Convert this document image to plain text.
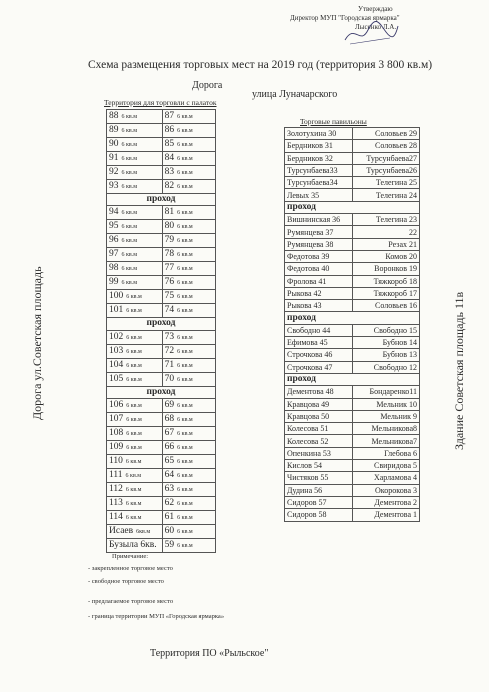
Утверждаю
Директор МУП "Городская ярмарка"
Лысенко Л.А.
Схема размещения торговых мест на 2019 год (территория 3 800 кв.м)
Дорога
улица Луначарского
Территория для торговли с палаток
Торговые павильоны
Дорога ул.Советская площадь	Здание Советская площадь 11в
88 6 кв.м	87 6 кв.м
89 6 кв.м	86 6 кв.м
90 6 кв.м	85 6 кв.м
91 6 кв.м	84 6 кв.м
92 6 кв.м	83 6 кв.м
93 6 кв.м	82 6 кв.м
проход	
94 6 кв.м	81 6 кв.м
95 6 кв.м	80 6 кв.м
96 6 кв.м	79 6 кв.м
97 6 кв.м	78 6 кв.м
98 6 кв.м	77 6 кв.м
99 6 кв.м	76 6 кв.м
100 6 кв.м	75 6 кв.м
101 6 кв.м	74 6 кв.м
проход	
102 6 кв.м	73 6 кв.м
103 6 кв.м	72 6 кв.м
104 6 кв.м	71 6 кв.м
105 6 кв.м	70 6 кв.м
проход	
106 6 кв.м	69 6 кв.м
107 6 кв.м	68 6 кв.м
108 6 кв.м	67 6 кв.м
109 6 кв.м	66 6 кв.м
110 6 кв.м	65 6 кв.м
111 6 кв.м	64 6 кв.м
112 6 кв.м	63 6 кв.м
113 6 кв.м	62 6 кв.м
114 6 кв.м	61 6 кв.м
Исаев 6кв.м	60 6 кв.м
Бузыла 6кв.	59 6 кв.м
Золотухина 30	Соловьев 29
Бердников 31	Соловьев 28
Бердников 32	Турсунбаева27
Турсунбаева33	Турсунбаева26
Турсунбаева34	Телегина 25
Левых 35	Телегина 24
проход	
Вишнинская 36	Телегина 23
Румянцева 37	22
Румянцева 38	Резах 21
Федотова 39	Комов 20
Федотова 40	Воронков 19
Фролова 41	Тяжкороб 18
Рыкова 42	Тяжкороб 17
Рыкова 43	Соловьев 16
проход	
Свободно 44	Свободно 15
Ефимова 45	Бубнов 14
Строчкова 46	Бубнов 13
Строчкова 47	Свободно 12
проход	
Дементова 48	Бондаренко11
Кравцова 49	Мельник 10
Кравцова 50	Мельник 9
Колесова 51	Мельникова8
Колесова 52	Мельникова7
Опенкина 53	Глебова 6
Кислов 54	Свиридова 5
Чистяков 55	Харламова 4
Дудина 56	Окорокова 3
Сидоров 57	Дементова 2
Сидоров 58	Дементова 1
Примечание:
- закрепленное торговое место
- свободное торговое место
- предлагаемое торговое место
- граница территории МУП «Городская ярмарка»
Территория ПО «Рыльское"
